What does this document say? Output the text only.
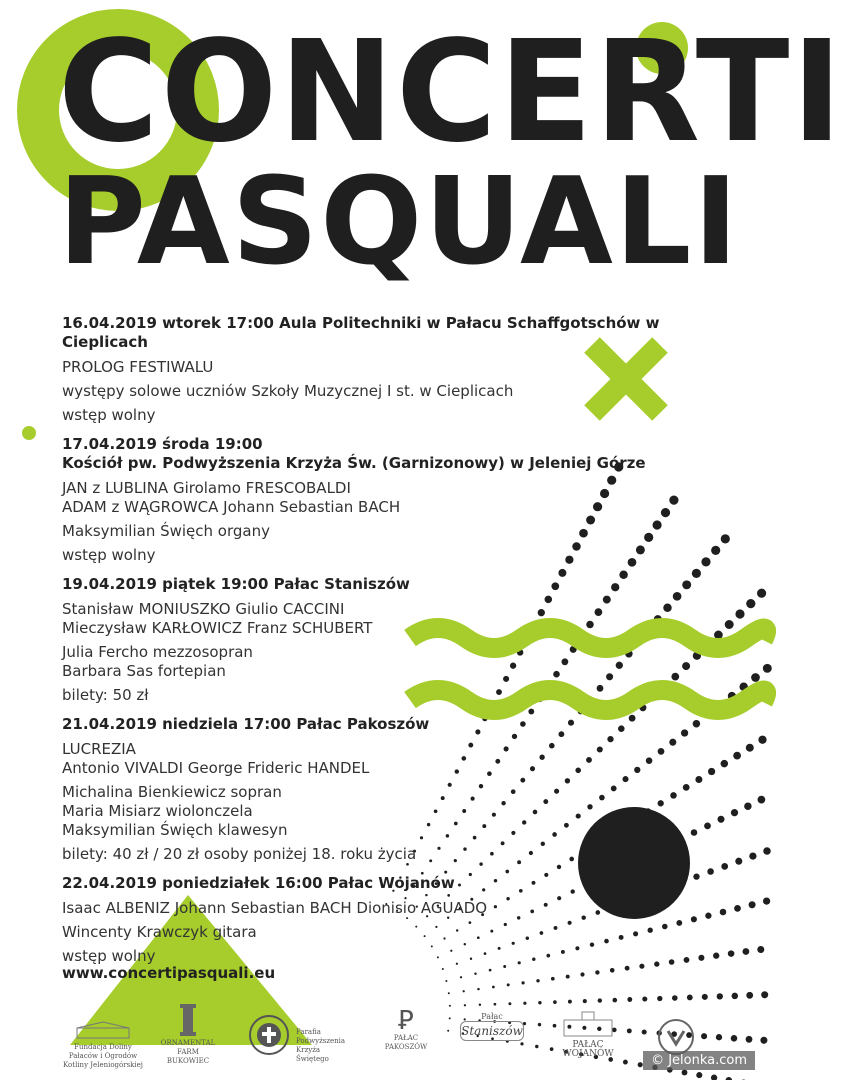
CONCERTI
PASQUALI
16.04.2019 wtorek 17:00 Aula Politechniki w Pałacu Schaffgotschów w Cieplicach
PROLOG FESTIWALU
występy solowe uczniów Szkoły Muzycznej I st. w Cieplicach
wstęp wolny
17.04.2019 środa 19:00
Kościół pw. Podwyższenia Krzyża Św. (Garnizonowy) w Jeleniej Górze
JAN z LUBLINA Girolamo FRESCOBALDI
ADAM z WĄGROWCA Johann Sebastian BACH
Maksymilian Święch organy
wstęp wolny
19.04.2019 piątek 19:00 Pałac Staniszów
Stanisław MONIUSZKO Giulio CACCINI
Mieczysław KARŁOWICZ Franz SCHUBERT
Julia Fercho mezzosopran
Barbara Sas fortepian
bilety: 50 zł
21.04.2019 niedziela 17:00 Pałac Pakoszów
LUCREZIA
Antonio VIVALDI George Frideric HANDEL
Michalina Bienkiewicz sopran
Maria Misiarz wiolonczela
Maksymilian Święch klawesyn
bilety: 40 zł / 20 zł osoby poniżej 18. roku życia
22.04.2019 poniedziałek 16:00 Pałac Wojanów
Isaac ALBENIZ Johann Sebastian BACH Dionisio AGUADO
Wincenty Krawczyk gitara
wstęp wolny
www.concertipasquali.eu
Fundacja Doliny Pałaców i Ogrodów Kotliny Jeleniogórskiej
ORNAMENTAL FARM
BUKOWIEC
Parafia Podwyższenia Krzyża Świętego
Ꝑ
PAŁAC
PAKOSZÓW
Pałac
Staniszów
PAŁAC WOJANÓW	© Jelonka.com
